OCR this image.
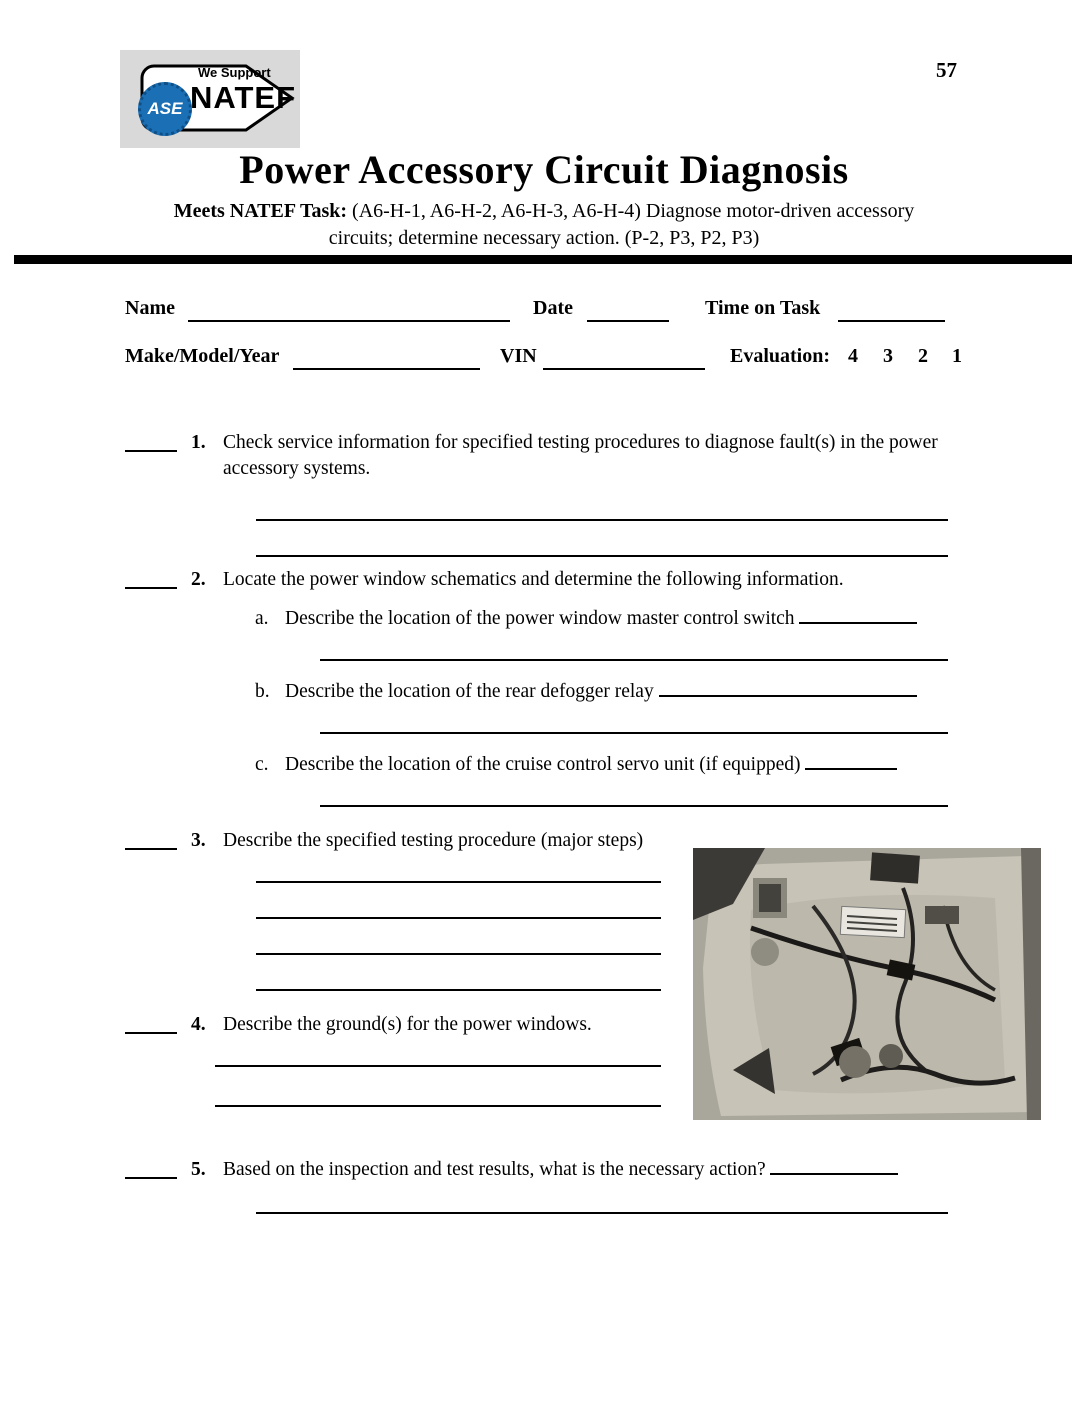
We Support
NATEF
ASE
57
Power Accessory Circuit Diagnosis
Meets NATEF Task: (A6-H-1, A6-H-2, A6-H-3, A6-H-4) Diagnose motor-driven accessory
circuits; determine necessary action. (P-2, P3, P2, P3)
Name	Date	Time on Task
Make/Model/Year	VIN	Evaluation: 4 3 2 1
1. Check service information for specified testing procedures to diagnose fault(s) in the power accessory systems.
2. Locate the power window schematics and determine the following information.
a. Describe the location of the power window master control switch
b. Describe the location of the rear defogger relay
c. Describe the location of the cruise control servo unit (if equipped)
3. Describe the specified testing procedure (major steps)
4. Describe the ground(s) for the power windows.
5. Based on the inspection and test results, what is the necessary action?
